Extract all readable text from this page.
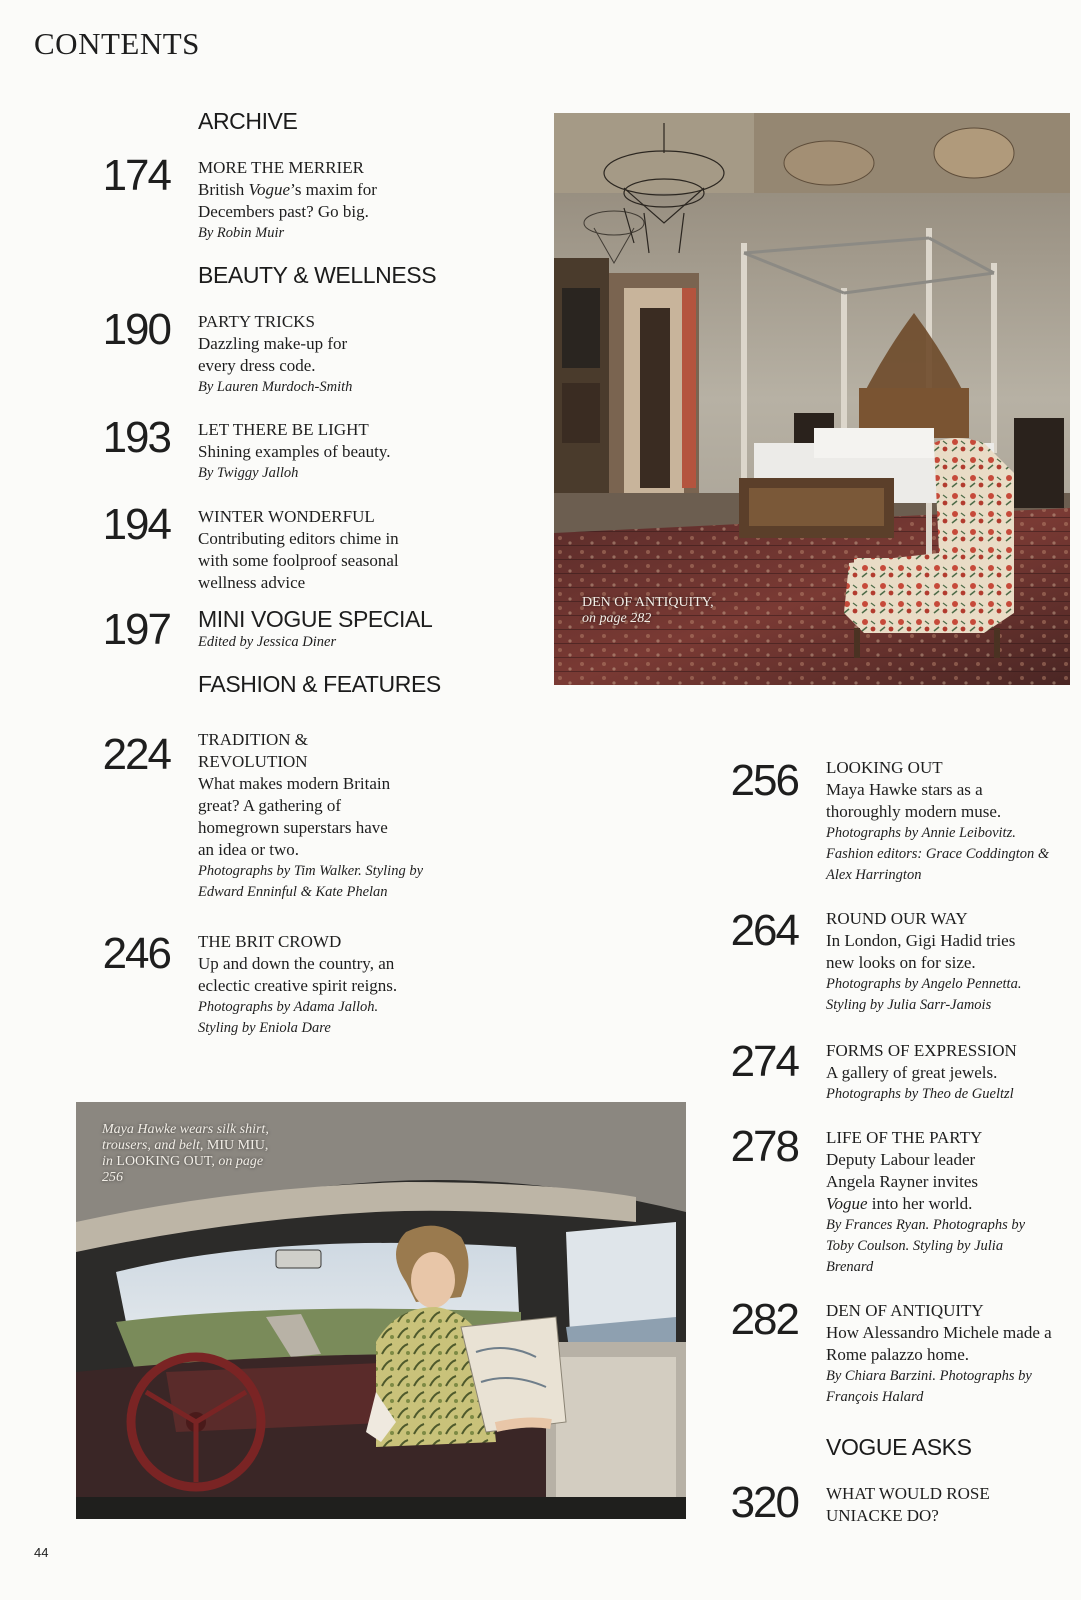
CONTENTS
ARCHIVE
174 MORE THE MERRIER
British Vogue’s maxim for Decembers past? Go big.
By Robin Muir
BEAUTY & WELLNESS
190 PARTY TRICKS
Dazzling make-up for every dress code.
By Lauren Murdoch-Smith
193 LET THERE BE LIGHT
Shining examples of beauty.
By Twiggy Jalloh
194 WINTER WONDERFUL
Contributing editors chime in with some foolproof seasonal wellness advice
197 MINI VOGUE SPECIAL
Edited by Jessica Diner
FASHION & FEATURES
224 TRADITION & REVOLUTION
What makes modern Britain great? A gathering of homegrown superstars have an idea or two.
Photographs by Tim Walker. Styling by Edward Enninful & Kate Phelan
246 THE BRIT CROWD
Up and down the country, an eclectic creative spirit reigns.
Photographs by Adama Jalloh. Styling by Eniola Dare
256 LOOKING OUT
Maya Hawke stars as a thoroughly modern muse.
Photographs by Annie Leibovitz. Fashion editors: Grace Coddington & Alex Harrington
264 ROUND OUR WAY
In London, Gigi Hadid tries new looks on for size.
Photographs by Angelo Pennetta. Styling by Julia Sarr-Jamois
274 FORMS OF EXPRESSION
A gallery of great jewels.
Photographs by Theo de Gueltzl
278 LIFE OF THE PARTY
Deputy Labour leader Angela Rayner invites Vogue into her world.
By Frances Ryan. Photographs by Toby Coulson. Styling by Julia Brenard
282 DEN OF ANTIQUITY
How Alessandro Michele made a Rome palazzo home.
By Chiara Barzini. Photographs by François Halard
VOGUE ASKS
320 WHAT WOULD ROSE UNIACKE DO?
DEN OF ANTIQUITY,
on page 282
Maya Hawke wears silk shirt, trousers, and belt, MIU MIU, in LOOKING OUT, on page 256
44
